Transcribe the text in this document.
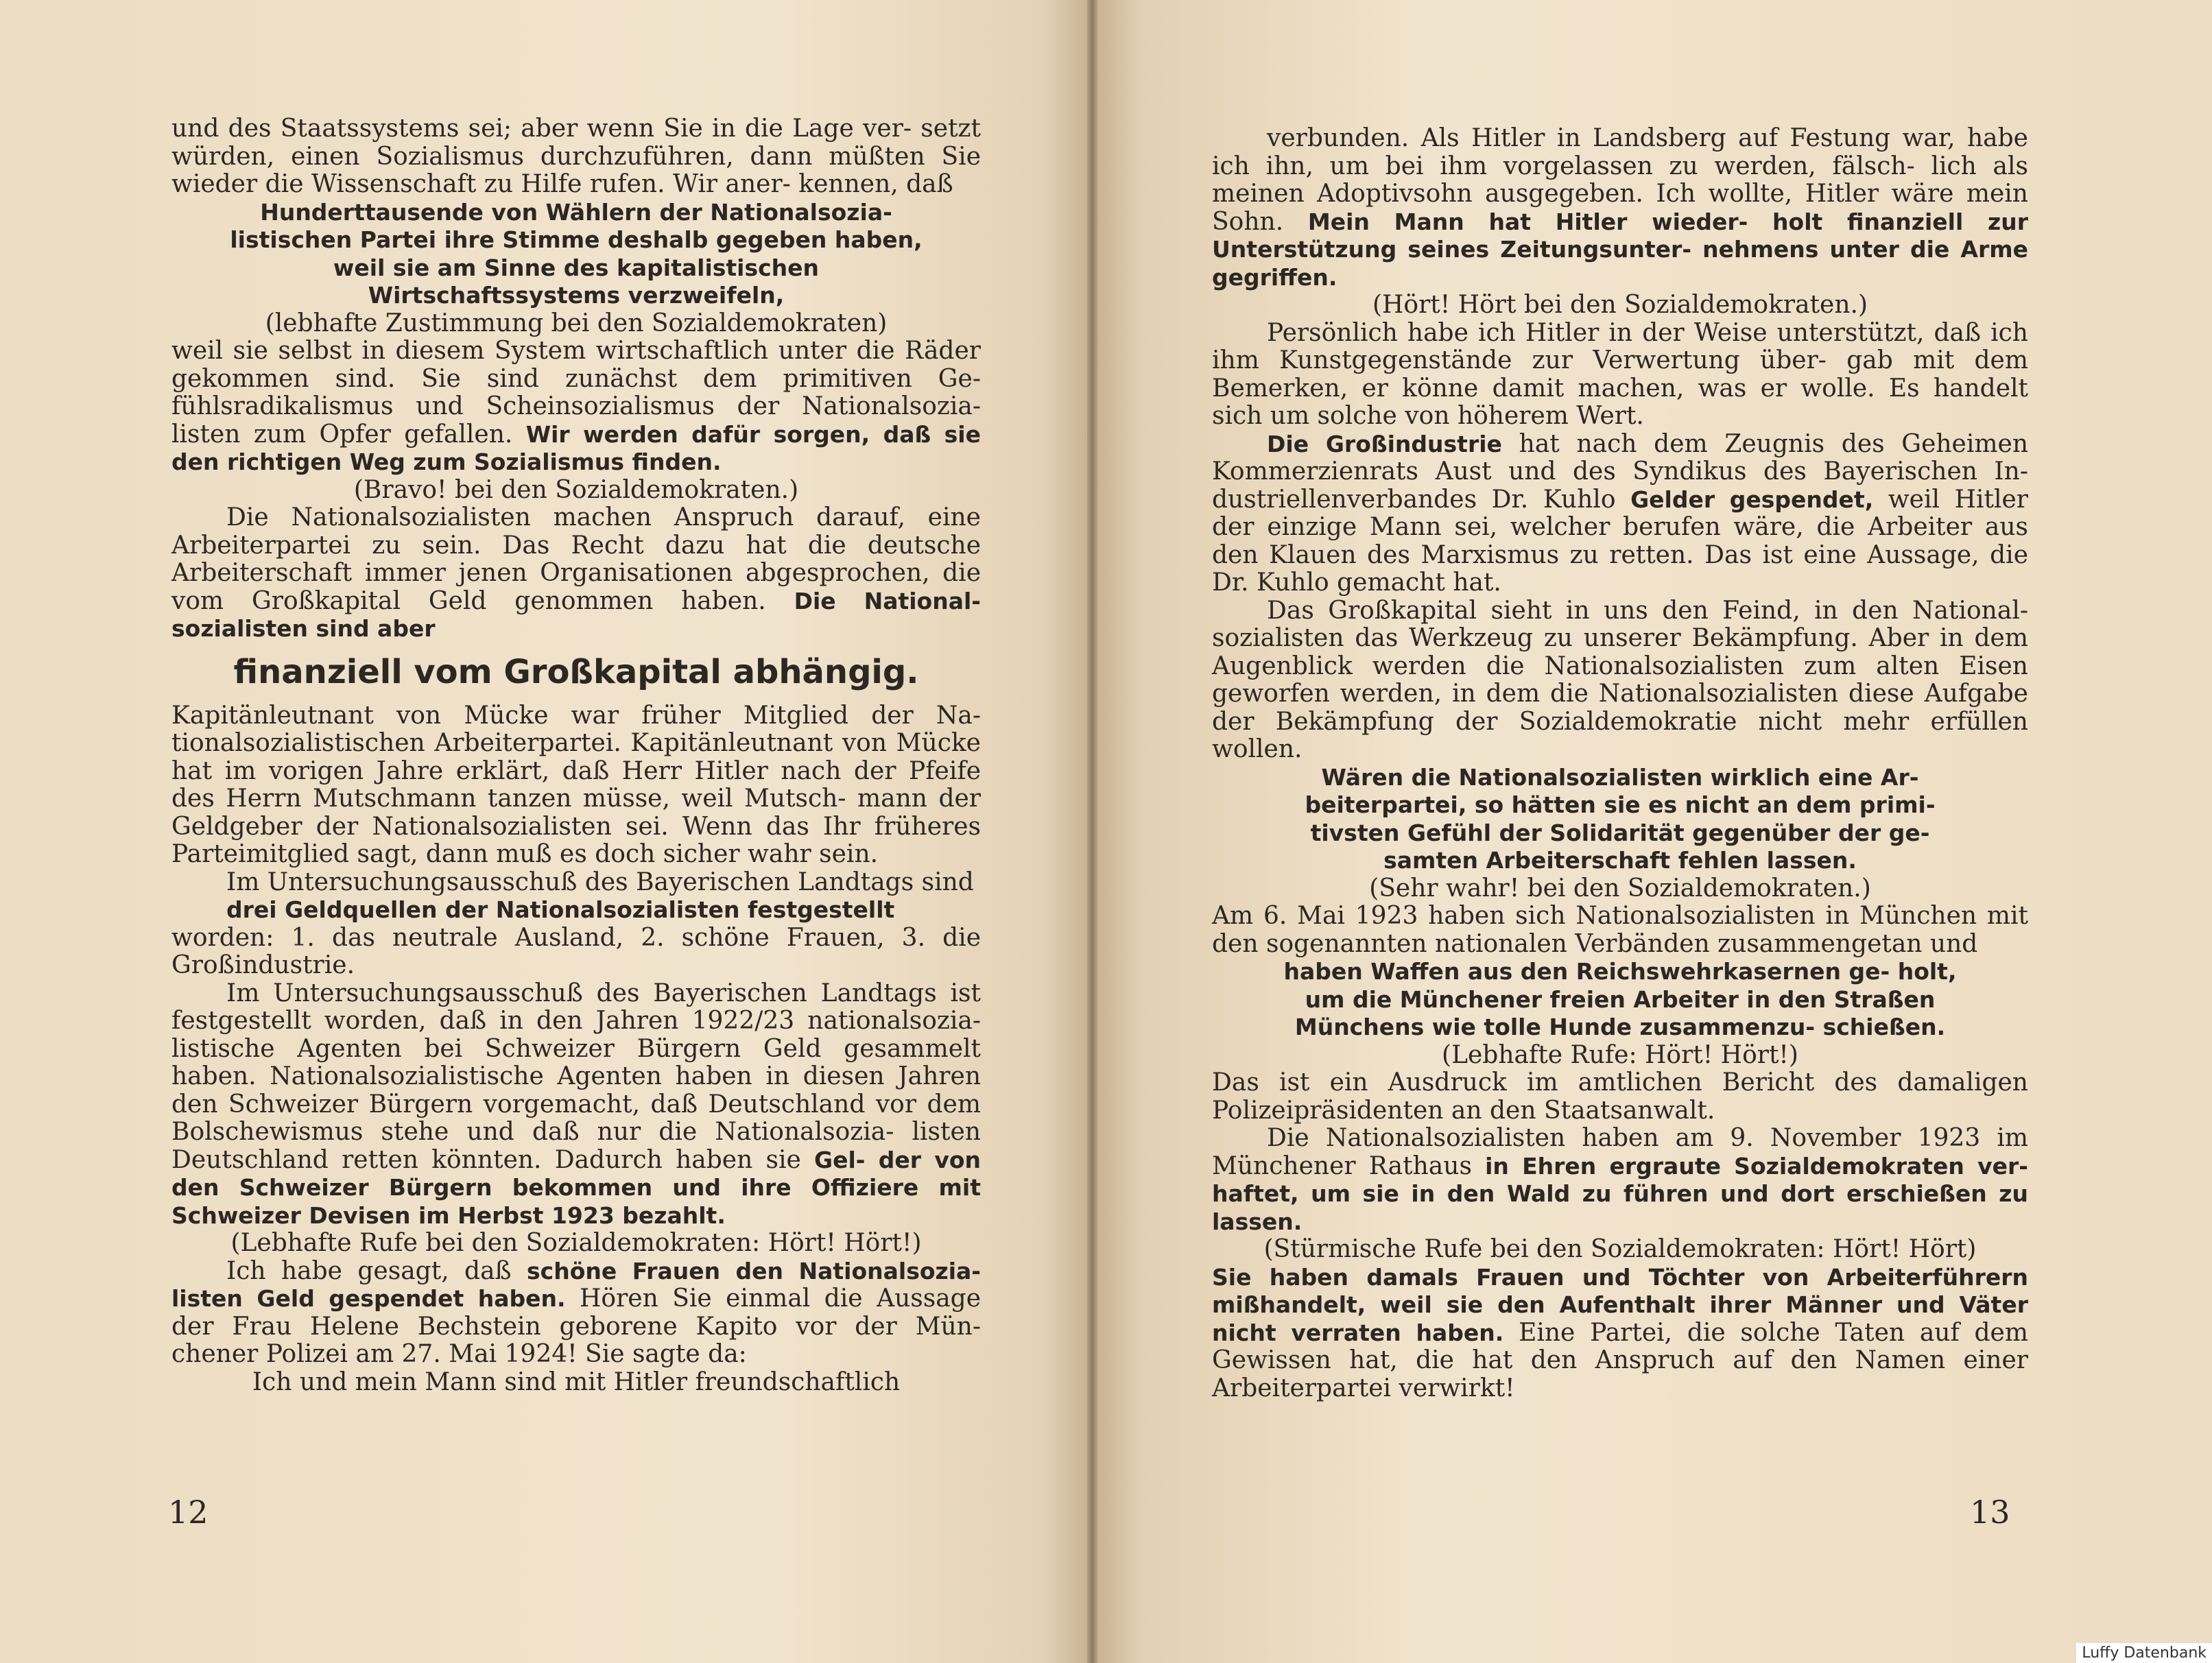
und des Staatssystems sei; aber wenn Sie in die Lage ver‐ setzt würden, einen Sozialismus durchzuführen, dann müßten Sie wieder die Wissenschaft zu Hilfe rufen. Wir aner‐ kennen, daß

Hunderttausende von Wählern der Nationalsozia‐ listischen Partei ihre Stimme deshalb gegeben haben, weil sie am Sinne des kapitalistischen Wirtschaftssystems verzweifeln,

(lebhafte Zustimmung bei den Sozialdemokraten)

weil sie selbst in diesem System wirtschaftlich unter die Räder gekommen sind. Sie sind zunächst dem primitiven Ge‐ fühlsradikalismus und Scheinsozialismus der Nationalsozia‐ listen zum Opfer gefallen. Wir werden dafür sorgen, daß sie den richtigen Weg zum Sozialismus finden.

(Bravo! bei den Sozialdemokraten.)

Die Nationalsozialisten machen Anspruch darauf, eine Arbeiterpartei zu sein. Das Recht dazu hat die deutsche Arbeiterschaft immer jenen Organisationen abgesprochen, die vom Großkapital Geld genommen haben. Die National‐ sozialisten sind aber

finanziell vom Großkapital abhängig.

Kapitänleutnant von Mücke war früher Mitglied der Na‐ tionalsozialistischen Arbeiterpartei. Kapitänleutnant von Mücke hat im vorigen Jahre erklärt, daß Herr Hitler nach der Pfeife des Herrn Mutschmann tanzen müsse, weil Mutsch‐ mann der Geldgeber der Nationalsozialisten sei. Wenn das Ihr früheres Parteimitglied sagt, dann muß es doch sicher wahr sein.

Im Untersuchungsausschuß des Bayerischen Landtags sind

drei Geldquellen der Nationalsozialisten festgestellt

worden: 1. das neutrale Ausland, 2. schöne Frauen, 3. die Großindustrie.

Im Untersuchungsausschuß des Bayerischen Landtags ist festgestellt worden, daß in den Jahren 1922/23 nationalsozia‐ listische Agenten bei Schweizer Bürgern Geld gesammelt haben. Nationalsozialistische Agenten haben in diesen Jahren den Schweizer Bürgern vorgemacht, daß Deutschland vor dem Bolschewismus stehe und daß nur die Nationalsozia‐ listen Deutschland retten könnten. Dadurch haben sie Gel‐ der von den Schweizer Bürgern bekommen und ihre Offiziere mit Schweizer Devisen im Herbst 1923 bezahlt.

(Lebhafte Rufe bei den Sozialdemokraten: Hört! Hört!)

Ich habe gesagt, daß schöne Frauen den Nationalsozia‐ listen Geld gespendet haben. Hören Sie einmal die Aussage der Frau Helene Bechstein geborene Kapito vor der Mün‐ chener Polizei am 27. Mai 1924! Sie sagte da:

Ich und mein Mann sind mit Hitler freundschaftlich

12

verbunden. Als Hitler in Landsberg auf Festung war, habe ich ihn, um bei ihm vorgelassen zu werden, fälsch‐ lich als meinen Adoptivsohn ausgegeben. Ich wollte, Hitler wäre mein Sohn. Mein Mann hat Hitler wieder‐ holt finanziell zur Unterstützung seines Zeitungsunter‐ nehmens unter die Arme gegriffen.

(Hört! Hört bei den Sozialdemokraten.)

Persönlich habe ich Hitler in der Weise unterstützt, daß ich ihm Kunstgegenstände zur Verwertung über‐ gab mit dem Bemerken, er könne damit machen, was er wolle. Es handelt sich um solche von höherem Wert.

Die Großindustrie hat nach dem Zeugnis des Geheimen Kommerzienrats Aust und des Syndikus des Bayerischen In‐ dustriellenverbandes Dr. Kuhlo Gelder gespendet, weil Hitler der einzige Mann sei, welcher berufen wäre, die Arbeiter aus den Klauen des Marxismus zu retten. Das ist eine Aussage, die Dr. Kuhlo gemacht hat.

Das Großkapital sieht in uns den Feind, in den National‐ sozialisten das Werkzeug zu unserer Bekämpfung. Aber in dem Augenblick werden die Nationalsozialisten zum alten Eisen geworfen werden, in dem die Nationalsozialisten diese Aufgabe der Bekämpfung der Sozialdemokratie nicht mehr erfüllen wollen.

Wären die Nationalsozialisten wirklich eine Ar‐ beiterpartei, so hätten sie es nicht an dem primi‐ tivsten Gefühl der Solidarität gegenüber der ge‐ samten Arbeiterschaft fehlen lassen.

(Sehr wahr! bei den Sozialdemokraten.)

Am 6. Mai 1923 haben sich Nationalsozialisten in München mit den sogenannten nationalen Verbänden zusammengetan und

haben Waffen aus den Reichswehrkasernen ge‐ holt, um die Münchener freien Arbeiter in den Straßen Münchens wie tolle Hunde zusammenzu‐ schießen.

(Lebhafte Rufe: Hört! Hört!)

Das ist ein Ausdruck im amtlichen Bericht des damaligen Polizeipräsidenten an den Staatsanwalt.

Die Nationalsozialisten haben am 9. November 1923 im Münchener Rathaus in Ehren ergraute Sozialdemokraten ver‐ haftet, um sie in den Wald zu führen und dort erschießen zu lassen.

(Stürmische Rufe bei den Sozialdemokraten: Hört! Hört)

Sie haben damals Frauen und Töchter von Arbeiterführern mißhandelt, weil sie den Aufenthalt ihrer Männer und Väter nicht verraten haben. Eine Partei, die solche Taten auf dem Gewissen hat, die hat den Anspruch auf den Namen einer Arbeiterpartei verwirkt!

13
Luffy Datenbank
